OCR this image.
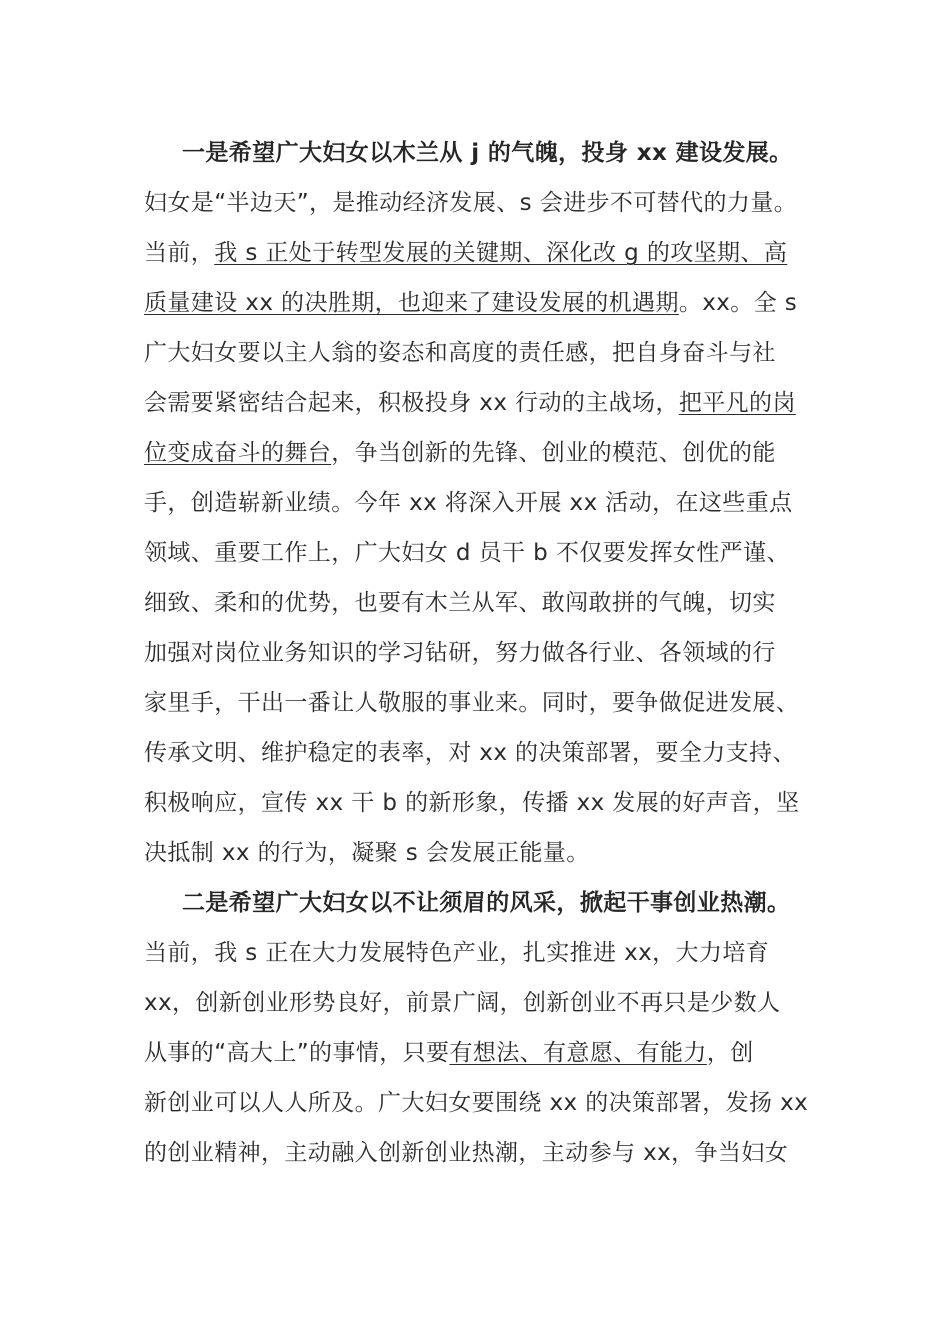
一是希望广大妇女以木兰从 j 的气魄，投身 xx 建设发展。
妇女是“半边天”，是推动经济发展、s 会进步不可替代的力量。
当前，我 s 正处于转型发展的关键期、深化改 g 的攻坚期、高
质量建设 xx 的决胜期，也迎来了建设发展的机遇期。xx。全 s
广大妇女要以主人翁的姿态和高度的责任感，把自身奋斗与社
会需要紧密结合起来，积极投身 xx 行动的主战场，把平凡的岗
位变成奋斗的舞台，争当创新的先锋、创业的模范、创优的能
手，创造崭新业绩。今年 xx 将深入开展 xx 活动，在这些重点
领域、重要工作上，广大妇女 d 员干 b 不仅要发挥女性严谨、
细致、柔和的优势，也要有木兰从军、敢闯敢拼的气魄，切实
加强对岗位业务知识的学习钻研，努力做各行业、各领域的行
家里手，干出一番让人敬服的事业来。同时，要争做促进发展、
传承文明、维护稳定的表率，对 xx 的决策部署，要全力支持、
积极响应，宣传 xx 干 b 的新形象，传播 xx 发展的好声音，坚
决抵制 xx 的行为，凝聚 s 会发展正能量。
二是希望广大妇女以不让须眉的风采，掀起干事创业热潮。
当前，我 s 正在大力发展特色产业，扎实推进 xx，大力培育
xx，创新创业形势良好，前景广阔，创新创业不再只是少数人
从事的“高大上”的事情，只要有想法、有意愿、有能力，创
新创业可以人人所及。广大妇女要围绕 xx 的决策部署，发扬 xx
的创业精神，主动融入创新创业热潮，主动参与 xx，争当妇女
